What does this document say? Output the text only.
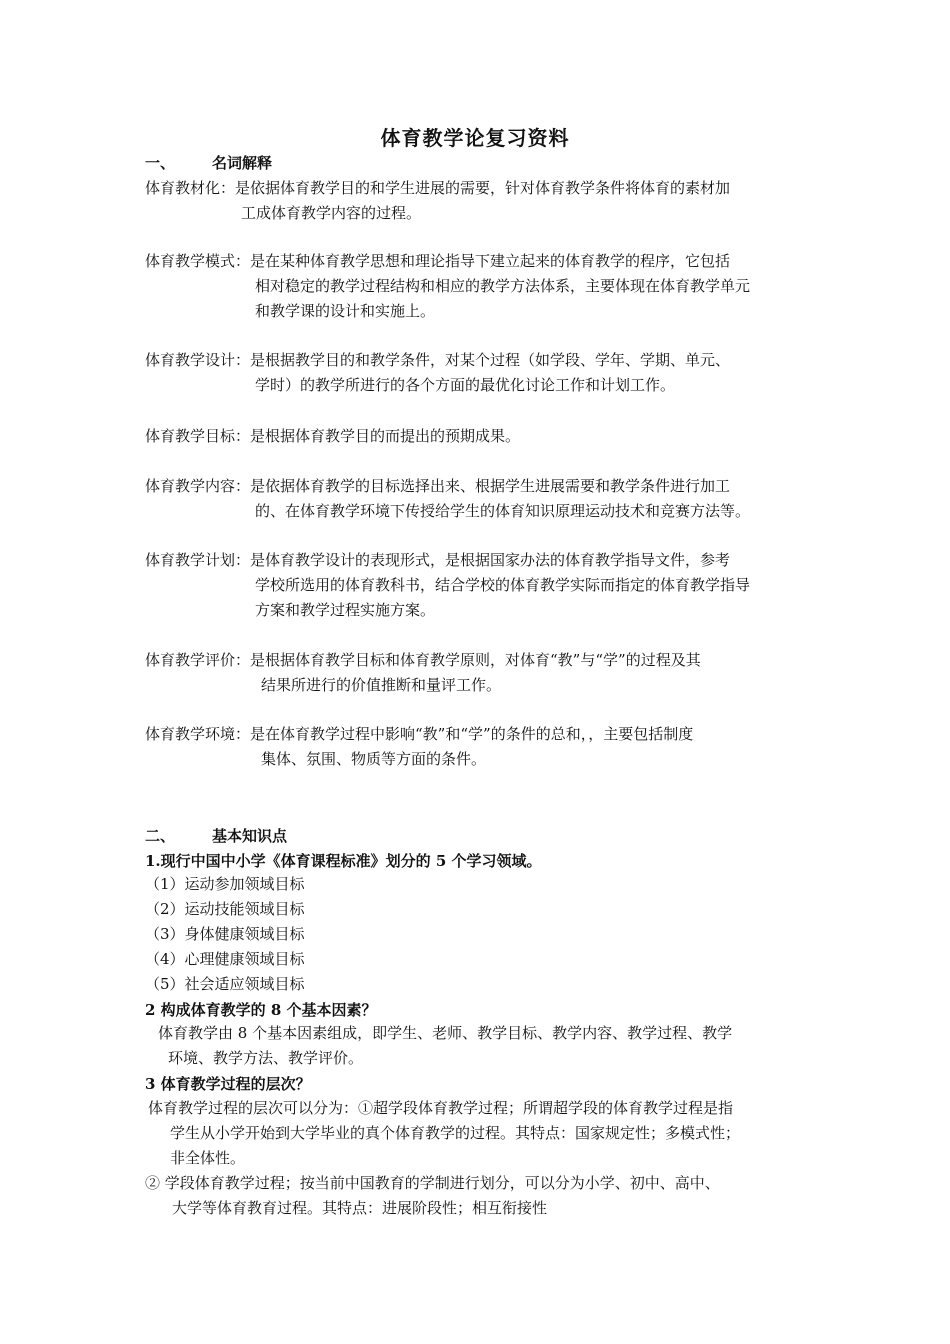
体育教学论复习资料
一、 名词解释
体育教材化：是依据体育教学目的和学生进展的需要，针对体育教学条件将体育的素材加
工成体育教学内容的过程。
体育教学模式：是在某种体育教学思想和理论指导下建立起来的体育教学的程序，它包括
相对稳定的教学过程结构和相应的教学方法体系，主要体现在体育教学单元
和教学课的设计和实施上。
体育教学设计：是根据教学目的和教学条件，对某个过程（如学段、学年、学期、单元、
学时）的教学所进行的各个方面的最优化讨论工作和计划工作。
体育教学目标：是根据体育教学目的而提出的预期成果。
体育教学内容：是依据体育教学的目标选择出来、根据学生进展需要和教学条件进行加工
的、在体育教学环境下传授给学生的体育知识原理运动技术和竞赛方法等。
体育教学计划：是体育教学设计的表现形式，是根据国家办法的体育教学指导文件，参考
学校所选用的体育教科书，结合学校的体育教学实际而指定的体育教学指导
方案和教学过程实施方案。
体育教学评价：是根据体育教学目标和体育教学原则，对体育“教”与“学”的过程及其
结果所进行的价值推断和量评工作。
体育教学环境：是在体育教学过程中影响“教”和“学”的条件的总和，，主要包括制度
集体、氛围、物质等方面的条件。
二、 基本知识点
1.现行中国中小学《体育课程标准》划分的 5 个学习领域。
（1）运动参加领域目标
（2）运动技能领域目标
（3）身体健康领域目标
（4）心理健康领域目标
（5）社会适应领域目标
2 构成体育教学的 8 个基本因素？
体育教学由 8 个基本因素组成，即学生、老师、教学目标、教学内容、教学过程、教学
环境、教学方法、教学评价。
3 体育教学过程的层次？
体育教学过程的层次可以分为：①超学段体育教学过程；所谓超学段的体育教学过程是指
学生从小学开始到大学毕业的真个体育教学的过程。其特点：国家规定性；多模式性；
非全体性。
② 学段体育教学过程；按当前中国教育的学制进行划分，可以分为小学、初中、高中、
大学等体育教育过程。其特点：进展阶段性；相互衔接性
